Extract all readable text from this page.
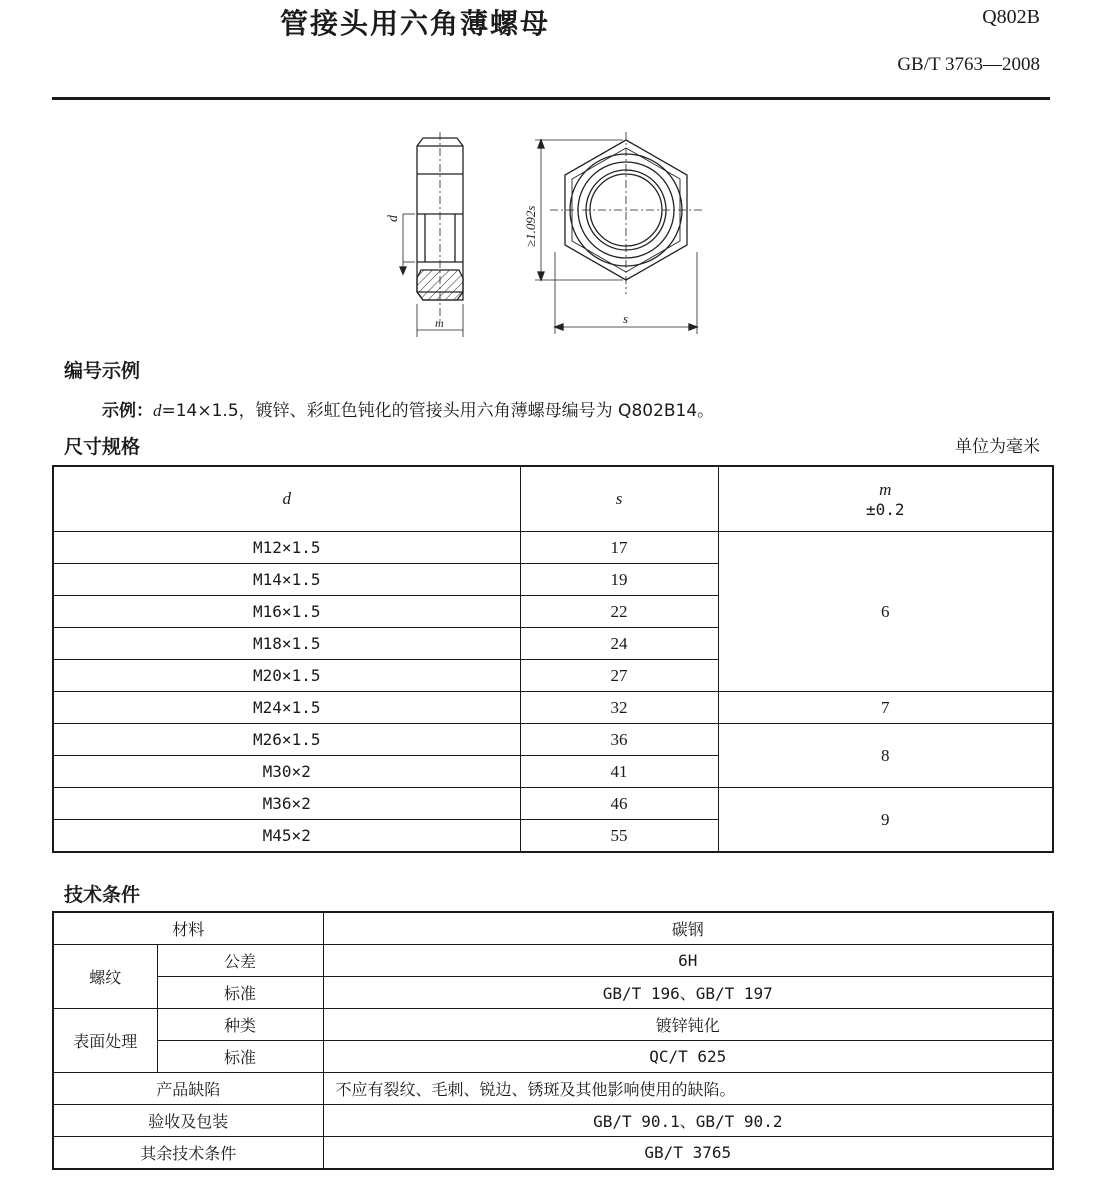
管接头用六角薄螺母	Q802B
GB/T 3763—2008
d
m
≥1.092s
s
编号示例
示例：d=14×1.5，镀锌、彩虹色钝化的管接头用六角薄螺母编号为 Q802B14。
尺寸规格	单位为毫米
d	s	m
±0.2

M12×1.5	17	6
M14×1.5	19	
M16×1.5	22	
M18×1.5	24	
M20×1.5	27	
M24×1.5	32	7
M26×1.5	36	8
M30×2	41	
M36×2	46	9
M45×2	55	
技术条件
材料		碳钢
螺纹	公差	6H
	标准	GB/T 196、GB/T 197
表面处理	种类	镀锌钝化
	标准	QC/T 625
产品缺陷		不应有裂纹、毛刺、锐边、锈斑及其他影响使用的缺陷。
验收及包装		GB/T 90.1、GB/T 90.2
其余技术条件		GB/T 3765
